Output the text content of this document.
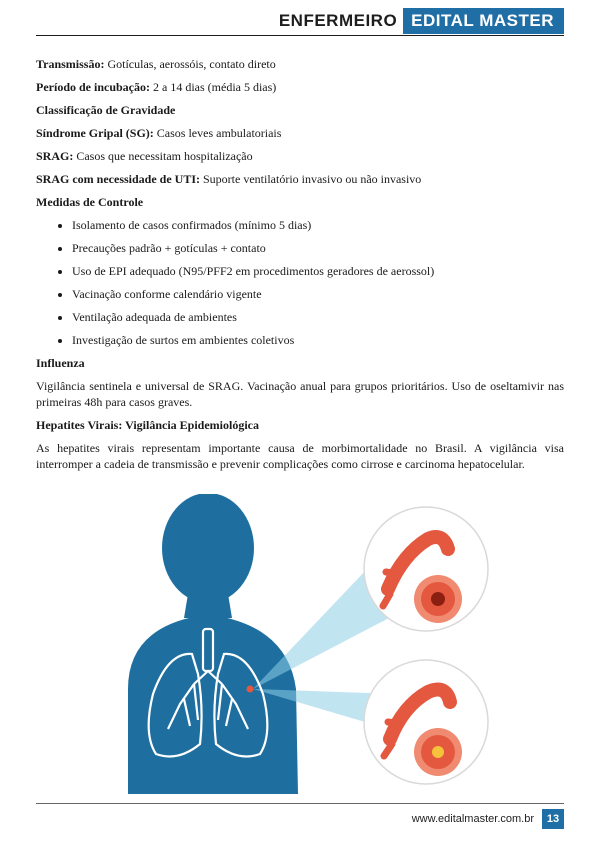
ENFERMEIRO EDITAL MASTER

Transmissão: Gotículas, aerossóis, contato direto

Período de incubação: 2 a 14 dias (média 5 dias)

Classificação de Gravidade

Síndrome Gripal (SG): Casos leves ambulatoriais

SRAG: Casos que necessitam hospitalização

SRAG com necessidade de UTI: Suporte ventilatório invasivo ou não invasivo

Medidas de Controle

• Isolamento de casos confirmados (mínimo 5 dias)
• Precauções padrão + gotículas + contato
• Uso de EPI adequado (N95/PFF2 em procedimentos geradores de aerossol)
• Vacinação conforme calendário vigente
• Ventilação adequada de ambientes
• Investigação de surtos em ambientes coletivos

Influenza

Vigilância sentinela e universal de SRAG. Vacinação anual para grupos prioritários. Uso de oseltamivir nas primeiras 48h para casos graves.

Hepatites Virais: Vigilância Epidemiológica

As hepatites virais representam importante causa de morbimortalidade no Brasil. A vigilância visa interromper a cadeia de transmissão e prevenir complicações como cirrose e carcinoma hepatocelular.

www.editalmaster.com.br	13
